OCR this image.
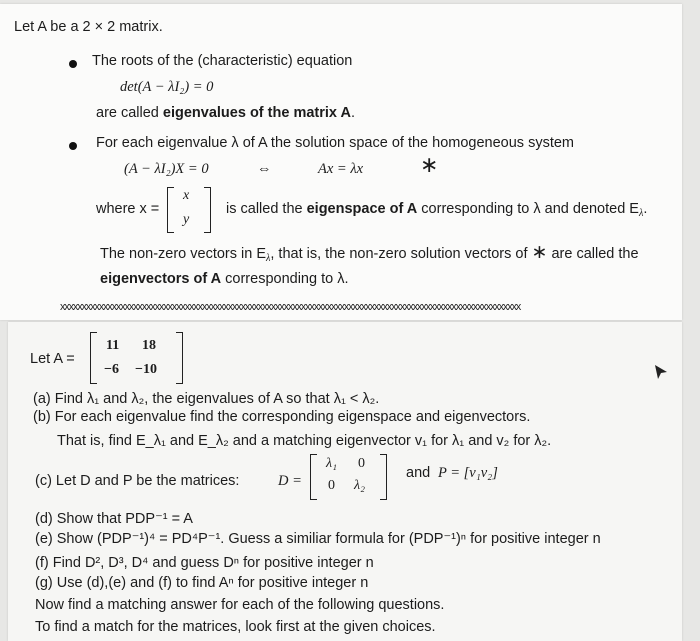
Let A be a 2 × 2 matrix.
The roots of the (characteristic) equation
det(A − λI₂) = 0
are called eigenvalues of the matrix A.
For each eigenvalue λ of A the solution space of the homogeneous system
(A − λI₂)X = 0	⇔	Ax = λx	∗
where x =
x
y
is called the eigenspace of A corresponding to λ and denoted $E_\lambda$.
The non-zero vectors in $E_\lambda$, that is, the non-zero solution vectors of ∗ are called the
eigenvectors of A corresponding to λ.
xxxxxxxxxxxxxxxxxxxxxxxxxxxxxxxxxxxxxxxxxxxxxxxxxxxxxxxxxxxxxxxxxxxxxxxxxxxxxxxxxxxxxxxxxxxxxxxxxxxxxxxxxxx
Let A =
11 18
−6 −10
(a) Find λ₁ and λ₂, the eigenvalues of A so that λ₁ < λ₂.
(b) For each eigenvalue find the corresponding eigenspace and eigenvectors.
That is, find E_λ₁ and E_λ₂ and a matching eigenvector v₁ for λ₁ and v₂ for λ₂.
(c) Let D and P be the matrices:	D =
λ₁ 0
0 λ₂
and P = [v₁v₂]
(d) Show that PDP⁻¹ = A
(e) Show (PDP⁻¹)⁴ = PD⁴P⁻¹. Guess a similiar formula for (PDP⁻¹)ⁿ for positive integer n
(f) Find D², D³, D⁴ and guess Dⁿ for positive integer n
(g) Use (d),(e) and (f) to find Aⁿ for positive integer n
Now find a matching answer for each of the following questions.
To find a match for the matrices, look first at the given choices.
